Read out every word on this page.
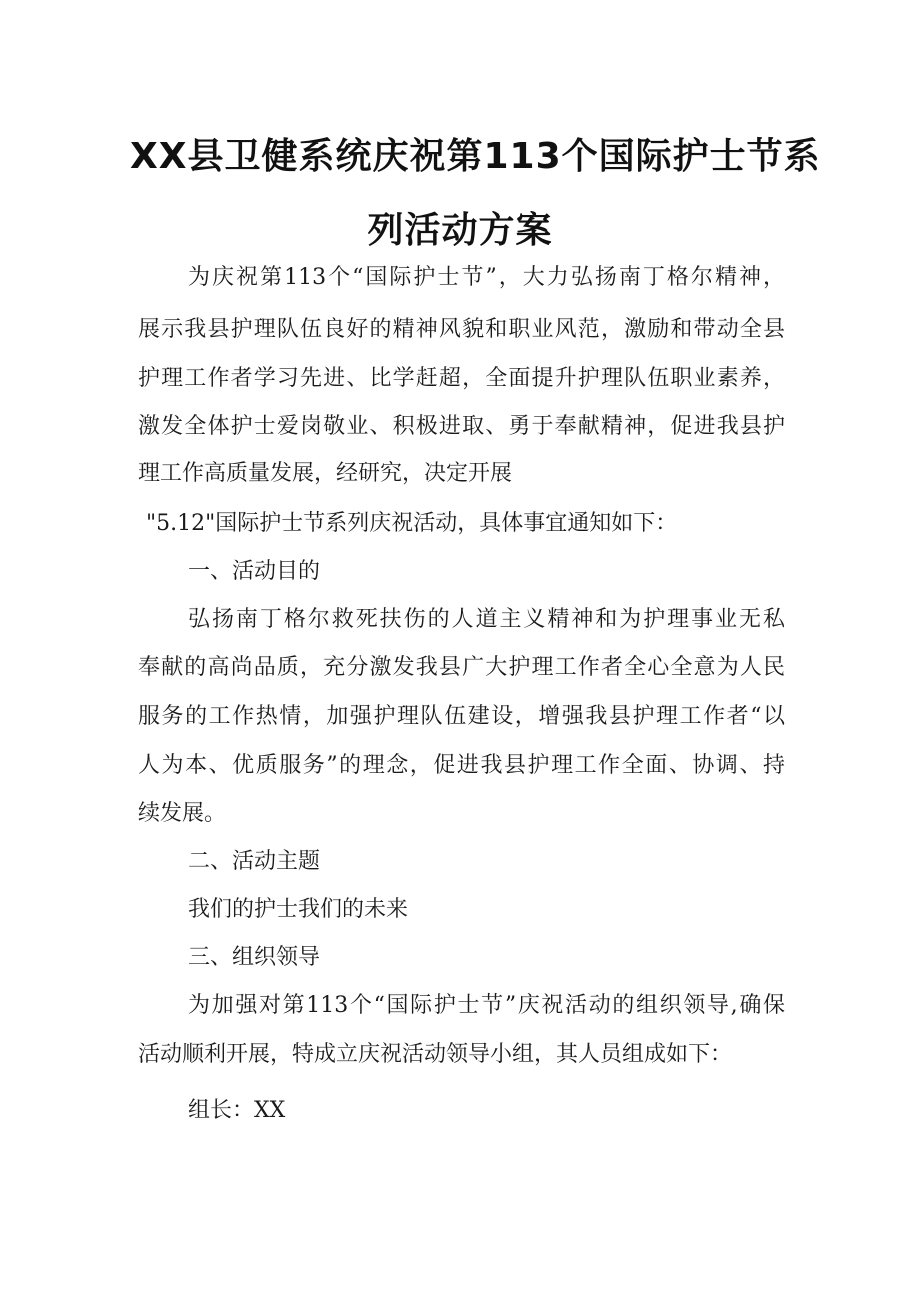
XX县卫健系统庆祝第113个国际护士节系
列活动方案
为庆祝第113个“国际护士节”，大力弘扬南丁格尔精神，
展示我县护理队伍良好的精神风貌和职业风范，激励和带动全县
护理工作者学习先进、比学赶超，全面提升护理队伍职业素养，
激发全体护士爱岗敬业、积极进取、勇于奉献精神，促进我县护
理工作高质量发展，经研究，决定开展
"5.12"国际护士节系列庆祝活动，具体事宜通知如下：
一、活动目的
弘扬南丁格尔救死扶伤的人道主义精神和为护理事业无私
奉献的高尚品质，充分激发我县广大护理工作者全心全意为人民
服务的工作热情，加强护理队伍建设，增强我县护理工作者“以
人为本、优质服务”的理念，促进我县护理工作全面、协调、持
续发展。
二、活动主题
我们的护士我们的未来
三、组织领导
为加强对第113个“国际护士节”庆祝活动的组织领导,确保
活动顺利开展，特成立庆祝活动领导小组，其人员组成如下：
组长：XX
